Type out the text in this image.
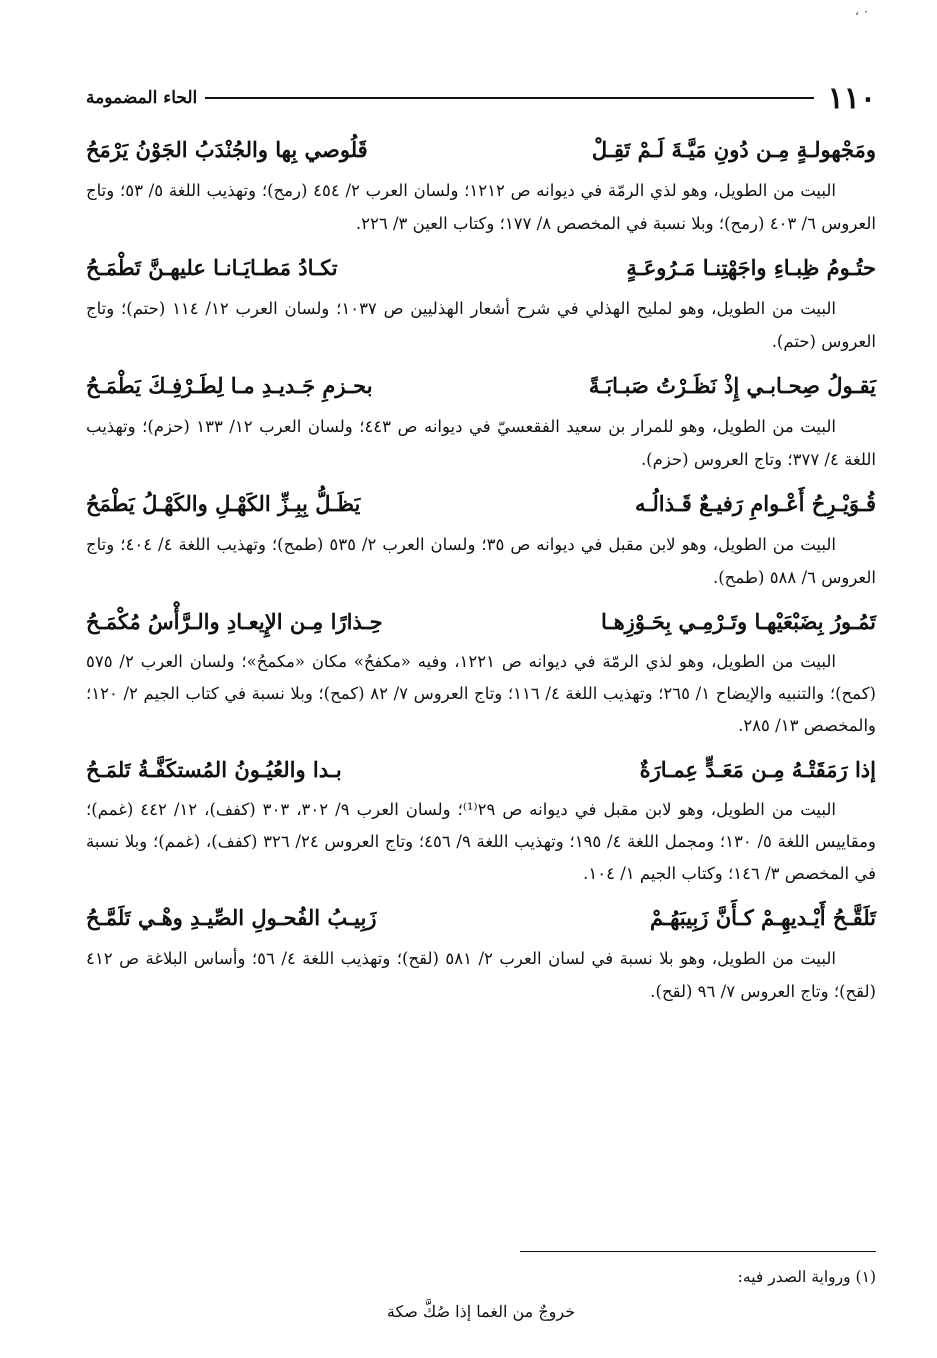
٠ ،
١١٠
الحاء المضمومة
ومَجْهولـةٍ مِـن دُونِ مَيَّـةَ لَـمْ تَقِـلْ
قَلُوصي بِها والجُنْدَبُ الجَوْنُ يَرْمَحُ

البيت من الطويل، وهو لذي الرمّة في ديوانه ص ١٢١٢؛ ولسان العرب ٢/ ٤٥٤ (رمح)؛ وتهذيب اللغة ٥/ ٥٣؛ وتاج العروس ٦/ ٤٠٣ (رمح)؛ وبلا نسبة في المخصص ٨/ ١٧٧؛ وكتاب العين ٣/ ٢٢٦.

حتُـومُ ظِبـاءِ واجَهْتِنـا مَـرُوعَـةٍ
تكـادُ مَطـايَـانـا عليهـنَّ تَطْمَـحُ

البيت من الطويل، وهو لمليح الهذلي في شرح أشعار الهذليين ص ١٠٣٧؛ ولسان العرب ١٢/ ١١٤ (حتم)؛ وتاج العروس (حتم).

يَقـولُ صِحـابـي إِذْ نَظَـرْتُ صَبـابَـةً
بحـزمِ جَـديـدِ مـا لِطَـرْفِـكَ يَطْمَـحُ

البيت من الطويل، وهو للمرار بن سعيد الفقعسيّ في ديوانه ص ٤٤٣؛ ولسان العرب ١٢/ ١٣٣ (حزم)؛ وتهذيب اللغة ٤/ ٣٧٧؛ وتاج العروس (حزم).

قُـوَيْـرِحُ أَعْـوامِ رَفيـعٌ قَـذالُـه
يَظَـلُّ بِبِـزِّ الكَهْـلِ والكَهْـلُ يَطْمَحُ

البيت من الطويل، وهو لابن مقبل في ديوانه ص ٣٥؛ ولسان العرب ٢/ ٥٣٥ (طمح)؛ وتهذيب اللغة ٤/ ٤٠٤؛ وتاج العروس ٦/ ٥٨٨ (طمح).

تَمُـورُ بِضَبْعَيْهـا وتَـرْمِـي بِحَـوْزِهـا
حِـذارًا مِـن الإِيعـادِ والـرَّأْسُ مُكْمَـحُ

البيت من الطويل، وهو لذي الرمّة في ديوانه ص ١٢٢١، وفيه «مكفحُ» مكان «مكمحُ»؛ ولسان العرب ٢/ ٥٧٥ (كمح)؛ والتنبيه والإيضاح ١/ ٢٦٥؛ وتهذيب اللغة ٤/ ١١٦؛ وتاج العروس ٧/ ٨٢ (كمح)؛ وبلا نسبة في كتاب الجيم ٢/ ١٢٠؛ والمخصص ١٣/ ٢٨٥.

إذا رَمَقَتْـهُ مِـن مَعَـدٍّ عِمـارَةٌ
بـدا والعُيُـونُ المُستكَفَّـةُ تَلمَـحُ

البيت من الطويل، وهو لابن مقبل في ديوانه ص ٢٩⁽¹⁾؛ ولسان العرب ٩/ ٣٠٢، ٣٠٣ (كفف)، ١٢/ ٤٤٢ (غمم)؛ ومقاييس اللغة ٥/ ١٣٠؛ ومجمل اللغة ٤/ ١٩٥؛ وتهذيب اللغة ٩/ ٤٥٦؛ وتاج العروس ٢٤/ ٣٢٦ (كفف)، (غمم)؛ وبلا نسبة في المخصص ٣/ ١٤٦؛ وكتاب الجيم ١/ ١٠٤.

تَلَقَّـحُ أَيْـديهِـمْ كـأَنَّ زَبِيبَهُـمْ
زَبِيـبُ الفُحـولِ الصِّيـدِ وهْـي تَلَمَّـحُ

البيت من الطويل، وهو بلا نسبة في لسان العرب ٢/ ٥٨١ (لقح)؛ وتهذيب اللغة ٤/ ٥٦؛ وأساس البلاغة ص ٤١٢ (لقح)؛ وتاج العروس ٧/ ٩٦ (لقح).

(١) ورواية الصدر فيه:
خروجٌ من الغما إذا صُكَّ صكة
